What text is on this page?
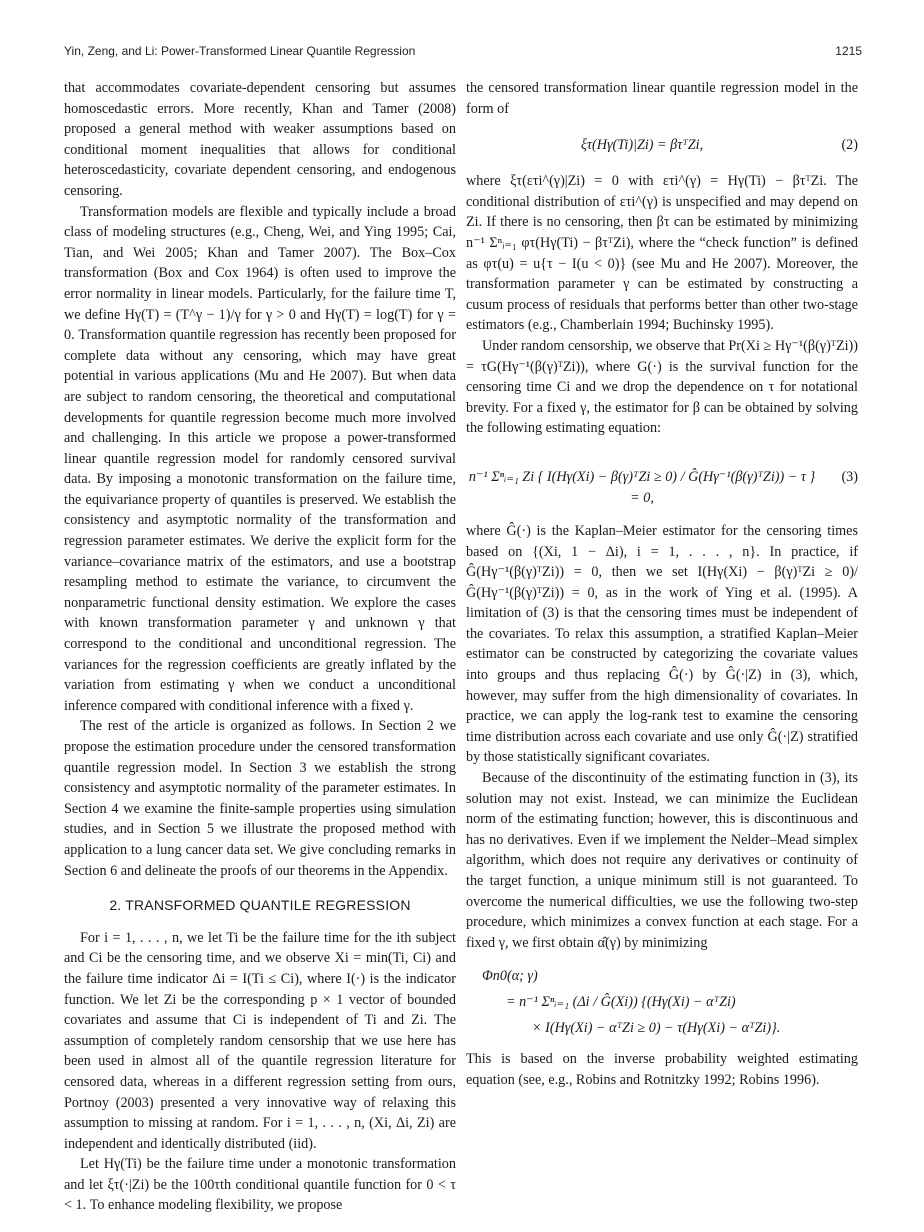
Yin, Zeng, and Li: Power-Transformed Linear Quantile Regression	1215

that accommodates covariate-dependent censoring but assumes homoscedastic errors. More recently, Khan and Tamer (2008) proposed a general method with weaker assumptions based on conditional moment inequalities that allows for conditional heteroscedasticity, covariate dependent censoring, and endogenous censoring.

Transformation models are flexible and typically include a broad class of modeling structures (e.g., Cheng, Wei, and Ying 1995; Cai, Tian, and Wei 2005; Khan and Tamer 2007). The Box–Cox transformation (Box and Cox 1964) is often used to improve the error normality in linear models. Particularly, for the failure time T, we define Hγ(T) = (T^γ − 1)/γ for γ > 0 and Hγ(T) = log(T) for γ = 0. Transformation quantile regression has recently been proposed for complete data without any censoring, which may have great potential in various applications (Mu and He 2007). But when data are subject to random censoring, the theoretical and computational developments for quantile regression become much more involved and challenging. In this article we propose a power-transformed linear quantile regression model for randomly censored survival data. By imposing a monotonic transformation on the failure time, the equivariance property of quantiles is preserved. We establish the consistency and asymptotic normality of the transformation and regression parameter estimates. We derive the explicit form for the variance–covariance matrix of the estimators, and use a bootstrap resampling method to estimate the variance, to circumvent the nonparametric functional density estimation. We explore the cases with known transformation parameter γ and unknown γ that correspond to the conditional and unconditional regression. The variances for the regression coefficients are greatly inflated by the variation from estimating γ when we conduct a unconditional inference compared with conditional inference with a fixed γ.

The rest of the article is organized as follows. In Section 2 we propose the estimation procedure under the censored transformation quantile regression model. In Section 3 we establish the strong consistency and asymptotic normality of the parameter estimates. In Section 4 we examine the finite-sample properties using simulation studies, and in Section 5 we illustrate the proposed method with application to a lung cancer data set. We give concluding remarks in Section 6 and delineate the proofs of our theorems in the Appendix.

2. TRANSFORMED QUANTILE REGRESSION

For i = 1, . . . , n, we let Ti be the failure time for the ith subject and Ci be the censoring time, and we observe Xi = min(Ti, Ci) and the failure time indicator Δi = I(Ti ≤ Ci), where I(·) is the indicator function. We let Zi be the corresponding p × 1 vector of bounded covariates and assume that Ci is independent of Ti and Zi. The assumption of completely random censorship that we use here has been used in almost all of the quantile regression literature for censored data, whereas in a different regression setting from ours, Portnoy (2003) presented a very innovative way of relaxing this assumption to missing at random. For i = 1, . . . , n, (Xi, Δi, Zi) are independent and identically distributed (iid).

Let Hγ(Ti) be the failure time under a monotonic transformation and let ξτ(·|Zi) be the 100τth conditional quantile function for 0 < τ < 1. To enhance modeling flexibility, we propose

the censored transformation linear quantile regression model in the form of

ξτ(Hγ(Ti)|Zi) = βτᵀZi,	(2)

where ξτ(ετi^(γ)|Zi) = 0 with ετi^(γ) = Hγ(Ti) − βτᵀZi. The conditional distribution of ετi^(γ) is unspecified and may depend on Zi. If there is no censoring, then βτ can be estimated by minimizing n⁻¹ Σⁿᵢ₌₁ φτ(Hγ(Ti) − βτᵀZi), where the “check function” is defined as φτ(u) = u{τ − I(u < 0)} (see Mu and He 2007). Moreover, the transformation parameter γ can be estimated by constructing a cusum process of residuals that performs better than other two-stage estimators (e.g., Chamberlain 1994; Buchinsky 1995).

Under random censorship, we observe that Pr(Xi ≥ Hγ⁻¹(β(γ)ᵀZi)) = τG(Hγ⁻¹(β(γ)ᵀZi)), where G(·) is the survival function for the censoring time Ci and we drop the dependence on τ for notational brevity. For a fixed γ, the estimator for β can be obtained by solving the following estimating equation:

n⁻¹ Σⁿᵢ₌₁ Zi { I(Hγ(Xi) − β(γ)ᵀZi ≥ 0) / Ĝ(Hγ⁻¹(β(γ)ᵀZi)) − τ } = 0,
(3)

where Ĝ(·) is the Kaplan–Meier estimator for the censoring times based on {(Xi, 1 − Δi), i = 1, . . . , n}. In practice, if Ĝ(Hγ⁻¹(β(γ)ᵀZi)) = 0, then we set I(Hγ(Xi) − β(γ)ᵀZi ≥ 0)/Ĝ(Hγ⁻¹(β(γ)ᵀZi)) = 0, as in the work of Ying et al. (1995). A limitation of (3) is that the censoring times must be independent of the covariates. To relax this assumption, a stratified Kaplan–Meier estimator can be constructed by categorizing the covariate values into groups and thus replacing Ĝ(·) by Ĝ(·|Z) in (3), which, however, may suffer from the high dimensionality of covariates. In practice, we can apply the log-rank test to examine the censoring time distribution across each covariate and use only Ĝ(·|Z) stratified by those statistically significant covariates.

Because of the discontinuity of the estimating function in (3), its solution may not exist. Instead, we can minimize the Euclidean norm of the estimating function; however, this is discontinuous and has no derivatives. Even if we implement the Nelder–Mead simplex algorithm, which does not require any derivatives or continuity of the target function, a unique minimum still is not guaranteed. To overcome the numerical difficulties, we use the following two-step procedure, which minimizes a convex function at each stage. For a fixed γ, we first obtain α̂(γ) by minimizing

Φn0(α; γ)
= n⁻¹ Σⁿᵢ₌₁ (Δi / Ĝ(Xi)) {(Hγ(Xi) − αᵀZi)
× I(Hγ(Xi) − αᵀZi ≥ 0) − τ(Hγ(Xi) − αᵀZi)}.

This is based on the inverse probability weighted estimating equation (see, e.g., Robins and Rotnitzky 1992; Robins 1996).
